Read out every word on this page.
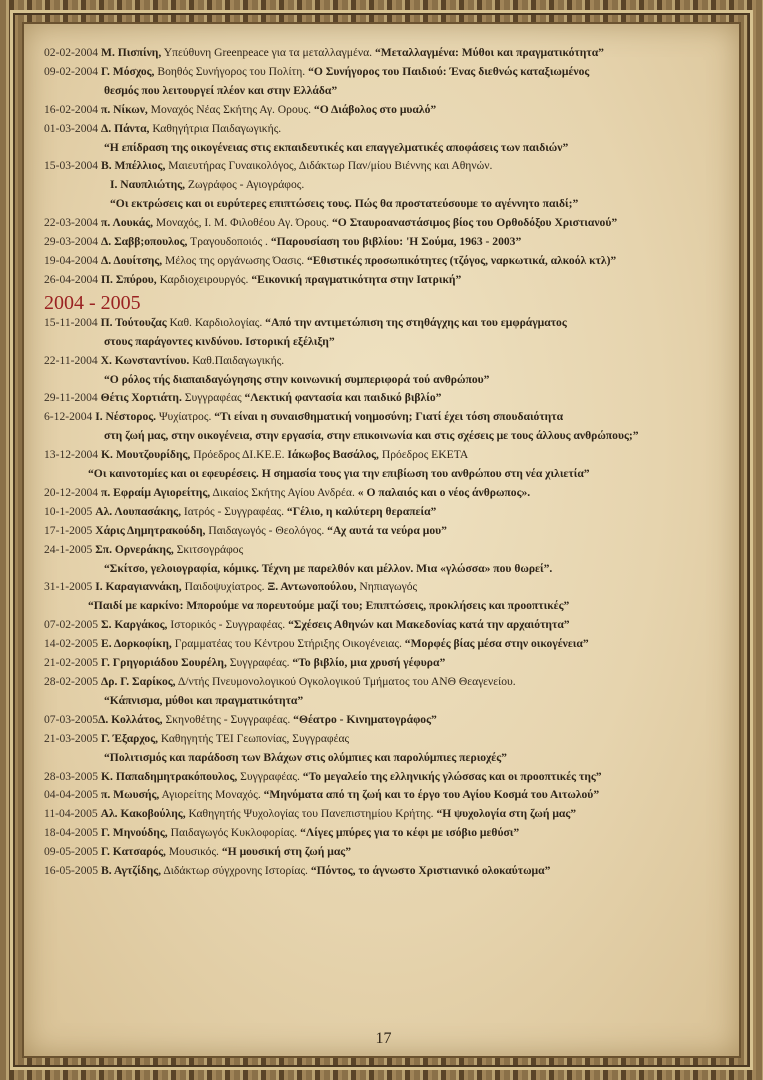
02-02-2004 Μ. Πισπίνη, Υπεύθυνη Greenpeace για τα μεταλλαγμένα. “Μεταλλαγμένα: Μύθοι και πραγματικότητα”
09-02-2004 Γ. Μόσχος, Βοηθός Συνήγορος του Πολίτη. “Ο Συνήγορος του Παιδιού: Ένας διεθνώς καταξιωμένος
θεσμός που λειτουργεί πλέον και στην Ελλάδα”
16-02-2004 π. Νίκων, Μοναχός Νέας Σκήτης Αγ. Ορους. “Ο Διάβολος στο μυαλό”
01-03-2004 Δ. Πάντα, Καθηγήτρια Παιδαγωγικής.
“Η επίδραση της οικογένειας στις εκπαιδευτικές και επαγγελματικές αποφάσεις των παιδιών”
15-03-2004 Β. Μπέλλιος, Μαιευτήρας Γυναικολόγος, Διδάκτωρ Παν/μίου Βιέννης και Αθηνών.
Ι. Ναυπλιώτης, Ζωγράφος - Αγιογράφος.
“Οι εκτρώσεις και οι ευρύτερες επιπτώσεις τους. Πώς θα προστατεύσουμε το αγέννητο παιδί;”
22-03-2004 π. Λουκάς, Μοναχός, Ι. Μ. Φιλοθέου Αγ. Όρους. “Ο Σταυροαναστάσιμος βίος του Ορθοδόξου Χριστιανού”
29-03-2004 Δ. Σαββ;οπουλος, Τραγουδοποιός . “Παρουσίαση του βιβλίου: 'Η Σούμα, 1963 - 2003”
19-04-2004 Δ. Δουίτσης, Μέλος της οργάνωσης Όασις. “Εθιστικές προσωπικότητες (τζόγος, ναρκωτικά, αλκοόλ κτλ)”
26-04-2004 Π. Σπύρου, Καρδιοχειρουργός. “Εικονική πραγματικότητα στην Ιατρική”
2004 - 2005
15-11-2004 Π. Τούτουζας Καθ. Καρδιολογίας. “Από την αντιμετώπιση της στηθάγχης και του εμφράγματος
στους παράγοντες κινδύνου. Ιστορική εξέλιξη”
22-11-2004 Χ. Κωνσταντίνου. Καθ.Παιδαγωγικής.
“Ο ρόλος τής διαπαιδαγώγησης στην κοινωνική συμπεριφορά τού ανθρώπου”
29-11-2004 Θέτις Χορτιάτη. Συγγραφέας “Λεκτική φαντασία και παιδικό βιβλίο”
6-12-2004 Ι. Νέστορος. Ψυχίατρος. “Τι είναι η συναισθηματική νοημοσύνη; Γιατί έχει τόση σπουδαιότητα
στη ζωή μας, στην οικογένεια, στην εργασία, στην επικοινωνία και στις σχέσεις με τους άλλους ανθρώπους;”
13-12-2004 Κ. Μουτζουρίδης, Πρόεδρος ΔΙ.ΚΕ.Ε. Ιάκωβος Βασάλος, Πρόεδρος ΕΚΕΤΑ
“Οι καινοτομίες και οι εφευρέσεις. Η σημασία τους για την επιβίωση του ανθρώπου στη νέα χιλιετία”
20-12-2004 π. Εφραίμ Αγιορείτης, Δικαίος Σκήτης Αγίου Ανδρέα. « Ο παλαιός και ο νέος άνθρωπος».
10-1-2005 Αλ. Λουπασάκης, Ιατρός - Συγγραφέας. “Γέλιο, η καλύτερη θεραπεία”
17-1-2005 Χάρις Δημητρακούδη, Παιδαγωγός - Θεολόγος. “Αχ αυτά τα νεύρα μου”
24-1-2005 Σπ. Ορνεράκης, Σκιτσογράφος
“Σκίτσο, γελοιογραφία, κόμικς. Τέχνη με παρελθόν και μέλλον. Μια «γλώσσα» που θωρεί”.
31-1-2005 Ι. Καραγιαννάκη, Παιδοψυχίατρος. Ξ. Αντωνοπούλου, Νηπιαγωγός
“Παιδί με καρκίνο: Μπορούμε να πορευτούμε μαζί του; Επιπτώσεις, προκλήσεις και προοπτικές”
07-02-2005 Σ. Καργάκος, Ιστορικός - Συγγραφέας. “Σχέσεις Αθηνών και Μακεδονίας κατά την αρχαιότητα”
14-02-2005 Ε. Δορκοφίκη, Γραμματέας του Κέντρου Στήριξης Οικογένειας. “Μορφές βίας μέσα στην οικογένεια”
21-02-2005 Γ. Γρηγοριάδου Σουρέλη, Συγγραφέας. “Το βιβλίο, μια χρυσή γέφυρα”
28-02-2005 Δρ. Γ. Σαρίκος, Δ/ντής Πνευμονολογικού Ογκολογικού Τμήματος του ΑΝΘ Θεαγενείου.
“Κάπνισμα, μύθοι και πραγματικότητα”
07-03-2005Δ. Κολλάτος, Σκηνοθέτης - Συγγραφέας. “Θέατρο - Κινηματογράφος”
21-03-2005 Γ. Έξαρχος, Καθηγητής ΤΕΙ Γεωπονίας, Συγγραφέας
“Πολιτισμός και παράδοση των Βλάχων στις ολύμπιες και παρολύμπιες περιοχές”
28-03-2005 Κ. Παπαδημητρακόπουλος, Συγγραφέας. “Το μεγαλείο της ελληνικής γλώσσας και οι προοπτικές της”
04-04-2005 π. Μωυσής, Αγιορείτης Μοναχός. “Μηνύματα από τη ζωή και το έργο του Αγίου Κοσμά του Αιτωλού”
11-04-2005 Αλ. Κακοβούλης, Καθηγητής Ψυχολογίας του Πανεπιστημίου Κρήτης. “Η ψυχολογία στη ζωή μας”
18-04-2005 Γ. Μηνούδης, Παιδαγωγός Κυκλοφορίας. “Λίγες μπύρες για το κέφι με ισόβιο μεθύσι”
09-05-2005 Γ. Κατσαρός, Μουσικός. “Η μουσική στη ζωή μας”
16-05-2005 Β. Αγτζίδης, Διδάκτωρ σύγχρονης Ιστορίας. “Πόντος, το άγνωστο Χριστιανικό ολοκαύτωμα”
17
